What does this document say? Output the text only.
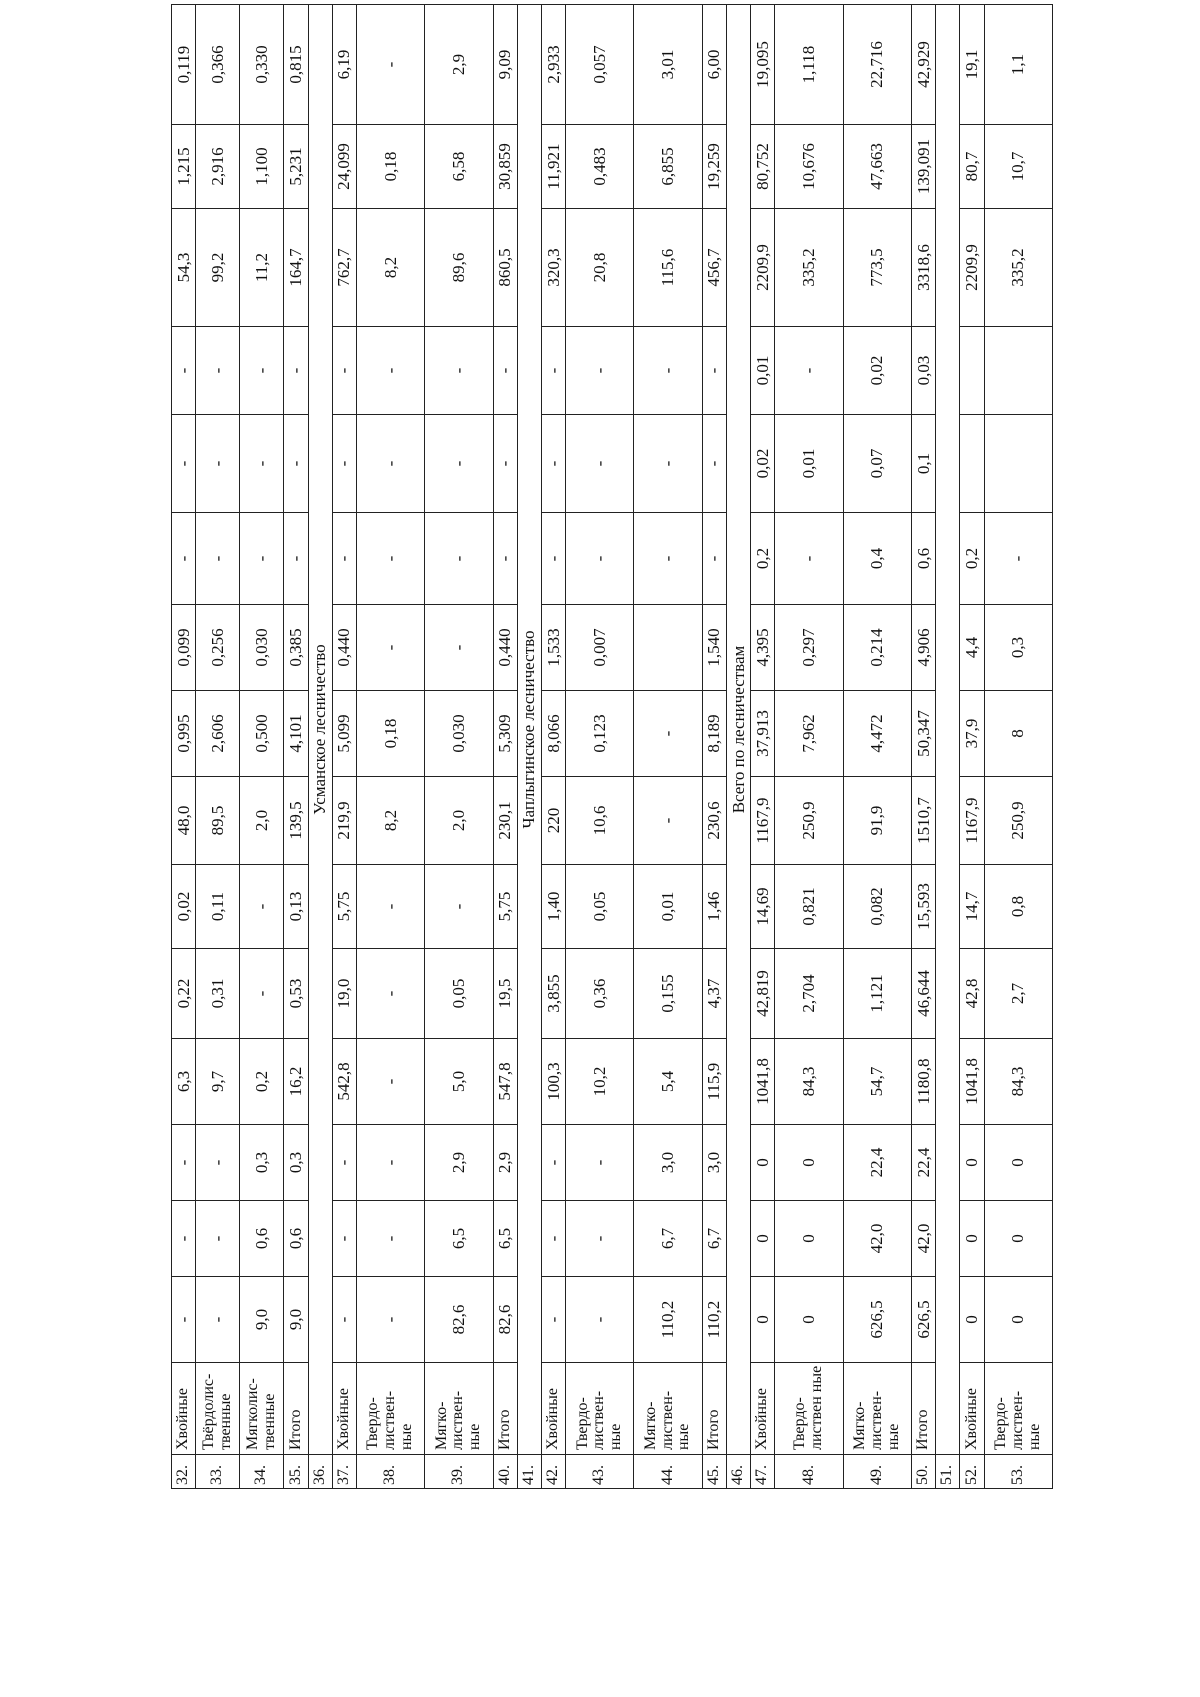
32.	Хвойные	-	-	-	6,3	0,22	0,02	48,0	0,995	0,099	-	-	-	54,3	1,215	0,119
33.	Твёрдолис-твенные	-	-	-	9,7	0,31	0,11	89,5	2,606	0,256	-	-	-	99,2	2,916	0,366
34.	Мягколис-твенные	9,0	0,6	0,3	0,2	-	-	2,0	0,500	0,030	-	-	-	11,2	1,100	0,330
35.	Итого	9,0	0,6	0,3	16,2	0,53	0,13	139,5	4,101	0,385	-	-	-	164,7	5,231	0,815
36.	Усманское лесничество															
37.	Хвойные	-	-	-	542,8	19,0	5,75	219,9	5,099	0,440	-	-	-	762,7	24,099	6,19
38.	Твердо-листвен-ные	-	-	-	-	-	-	8,2	0,18	-	-	-	-	8,2	0,18	-
39.	Мягко-листвен-ные	82,6	6,5	2,9	5,0	0,05	-	2,0	0,030	-	-	-	-	89,6	6,58	2,9
40.	Итого	82,6	6,5	2,9	547,8	19,5	5,75	230,1	5,309	0,440	-	-	-	860,5	30,859	9,09
41.	Чаплыгинское лесничество															
42.	Хвойные	-	-	-	100,3	3,855	1,40	220	8,066	1,533	-	-	-	320,3	11,921	2,933
43.	Твердо-листвен-ные	-	-	-	10,2	0,36	0,05	10,6	0,123	0,007	-	-	-	20,8	0,483	0,057
44.	Мягко-листвен-ные	110,2	6,7	3,0	5,4	0,155	0,01	-	-		-	-	-	115,6	6,855	3,01
45.	Итого	110,2	6,7	3,0	115,9	4,37	1,46	230,6	8,189	1,540	-	-	-	456,7	19,259	6,00
46.	Всего по лесничествам															
47.	Хвойные	0	0	0	1041,8	42,819	14,69	1167,9	37,913	4,395	0,2	0,02	0,01	2209,9	80,752	19,095
48.	Твердо-листвен ные	0	0	0	84,3	2,704	0,821	250,9	7,962	0,297	-	0,01	-	335,2	10,676	1,118
49.	Мягко-листвен-ные	626,5	42,0	22,4	54,7	1,121	0,082	91,9	4,472	0,214	0,4	0,07	0,02	773,5	47,663	22,716
50.	Итого	626,5	42,0	22,4	1180,8	46,644	15,593	1510,7	50,347	4,906	0,6	0,1	0,03	3318,6	139,091	42,929
51.																
52.	Хвойные	0	0	0	1041,8	42,8	14,7	1167,9	37,9	4,4	0,2			2209,9	80,7	19,1
53.	Твердо-листвен-ные	0	0	0	84,3	2,7	0,8	250,9	8	0,3	-			335,2	10,7	1,1
